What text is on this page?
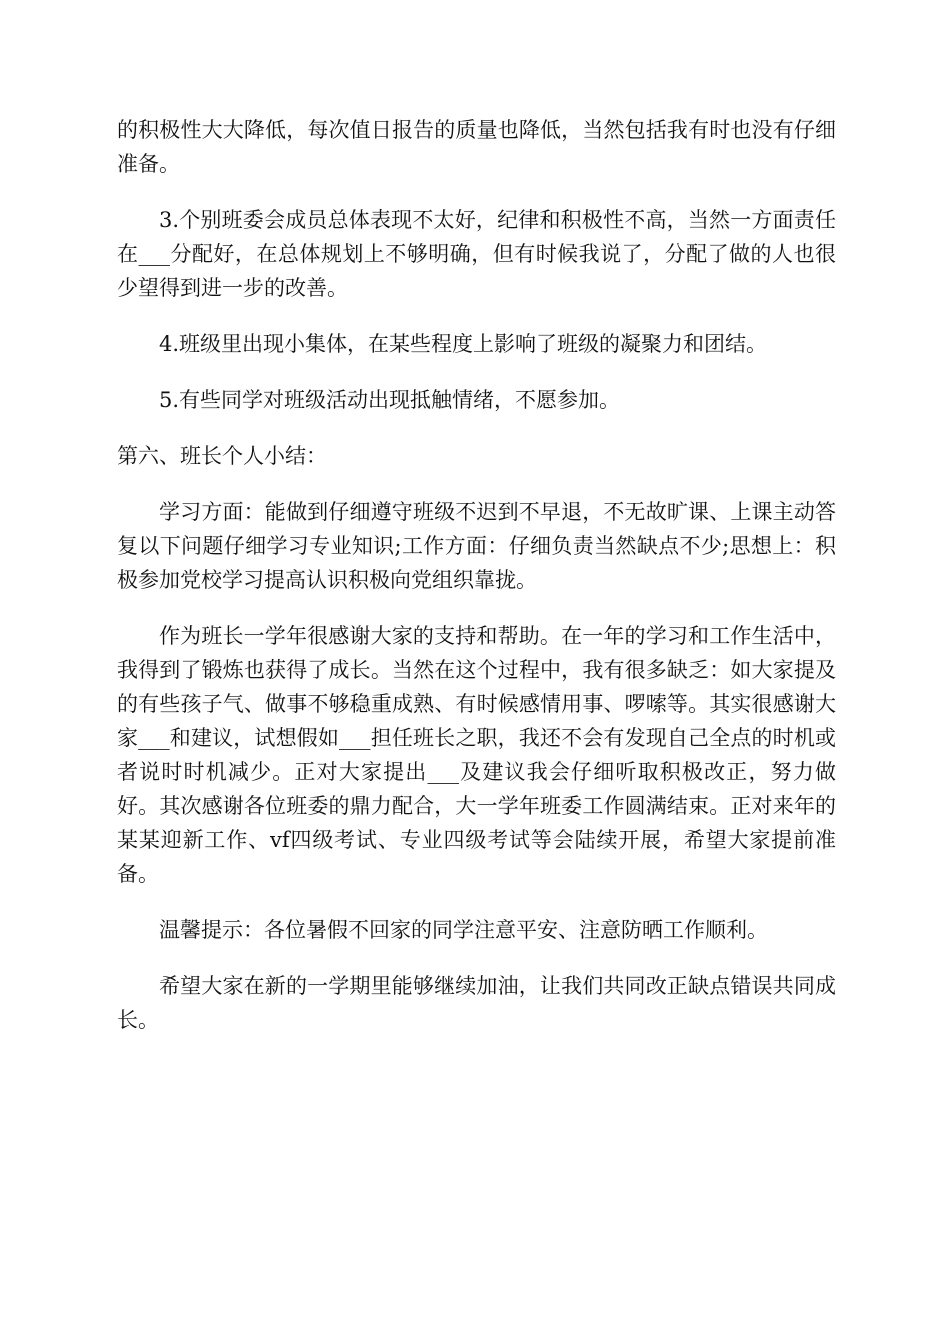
的积极性大大降低，每次值日报告的质量也降低，当然包括我有时也没有仔细准备。

3.个别班委会成员总体表现不太好，纪律和积极性不高，当然一方面责任在___分配好，在总体规划上不够明确，但有时候我说了，分配了做的人也很少望得到进一步的改善。

4.班级里出现小集体，在某些程度上影响了班级的凝聚力和团结。

5.有些同学对班级活动出现抵触情绪，不愿参加。

第六、班长个人小结：

学习方面：能做到仔细遵守班级不迟到不早退，不无故旷课、上课主动答复以下问题仔细学习专业知识;工作方面：仔细负责当然缺点不少;思想上：积极参加党校学习提高认识积极向党组织靠拢。

作为班长一学年很感谢大家的支持和帮助。在一年的学习和工作生活中，我得到了锻炼也获得了成长。当然在这个过程中，我有很多缺乏：如大家提及的有些孩子气、做事不够稳重成熟、有时候感情用事、啰嗦等。其实很感谢大家___和建议，试想假如___担任班长之职，我还不会有发现自己全点的时机或者说时时机减少。正对大家提出___及建议我会仔细听取积极改正，努力做好。其次感谢各位班委的鼎力配合，大一学年班委工作圆满结束。正对来年的某某迎新工作、vf四级考试、专业四级考试等会陆续开展，希望大家提前准备。

温馨提示：各位暑假不回家的同学注意平安、注意防晒工作顺利。

希望大家在新的一学期里能够继续加油，让我们共同改正缺点错误共同成长。
